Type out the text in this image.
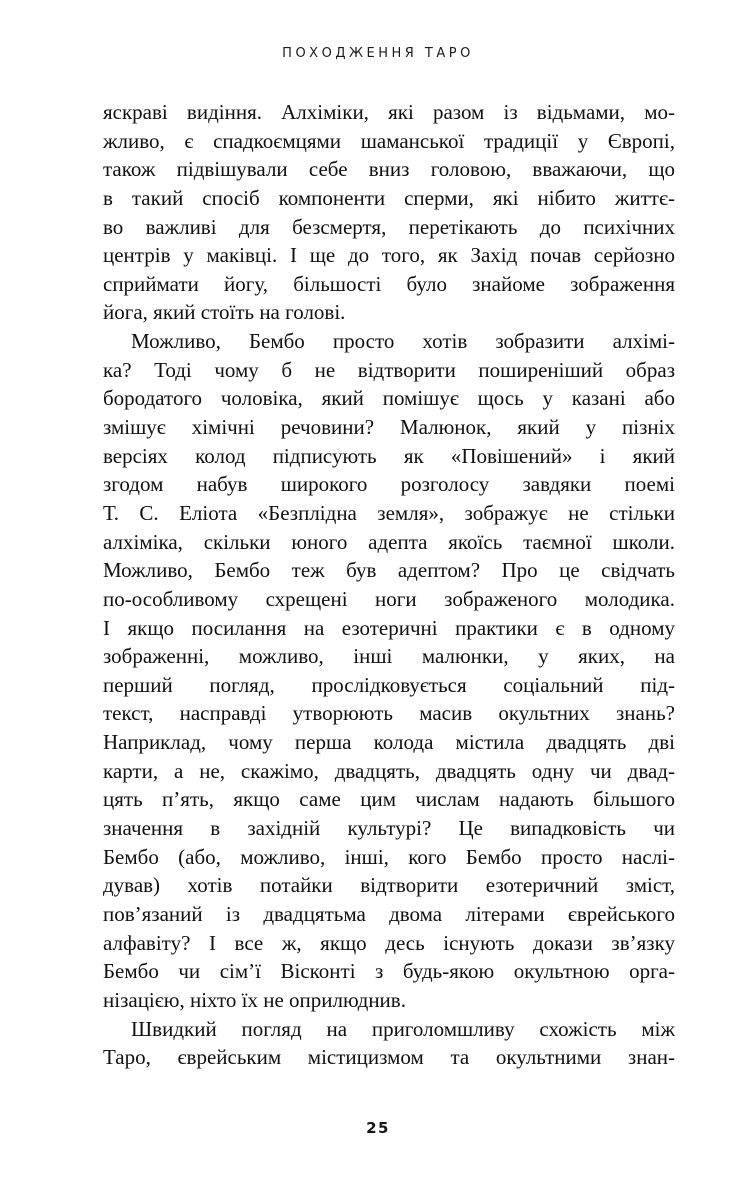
ПОХОДЖЕННЯ ТАРО
яскраві видіння. Алхіміки, які разом із відьмами, мо-
жливо, є спадкоємцями шаманської традиції у Європі,
також підвішували себе вниз головою, вважаючи, що
в такий спосіб компоненти сперми, які нібито життє-
во важливі для безсмертя, перетікають до психічних
центрів у маківці. І ще до того, як Захід почав серйозно
сприймати йогу, більшості було знайоме зображення
йога, який стоїть на голові.
Можливо, Бембо просто хотів зобразити алхімі-
ка? Тоді чому б не відтворити поширеніший образ
бородатого чоловіка, який помішує щось у казані або
змішує хімічні речовини? Малюнок, який у пізніх
версіях колод підписують як «Повішений» і який
згодом набув широкого розголосу завдяки поемі
Т. С. Еліота «Безплідна земля», зображує не стільки
алхіміка, скільки юного адепта якоїсь таємної школи.
Можливо, Бембо теж був адептом? Про це свідчать
по-особливому схрещені ноги зображеного молодика.
І якщо посилання на езотеричні практики є в одному
зображенні, можливо, інші малюнки, у яких, на
перший погляд, прослідковується соціальний під-
текст, насправді утворюють масив окультних знань?
Наприклад, чому перша колода містила двадцять дві
карти, а не, скажімо, двадцять, двадцять одну чи двад-
цять п’ять, якщо саме цим числам надають більшого
значення в західній культурі? Це випадковість чи
Бембо (або, можливо, інші, кого Бембо просто наслі-
дував) хотів потайки відтворити езотеричний зміст,
пов’язаний із двадцятьма двома літерами єврейського
алфавіту? І все ж, якщо десь існують докази зв’язку
Бембо чи сім’ї Вісконті з будь-якою окультною орга-
нізацією, ніхто їх не оприлюднив.
Швидкий погляд на приголомшливу схожість між
Таро, єврейським містицизмом та окультними знан-
25
